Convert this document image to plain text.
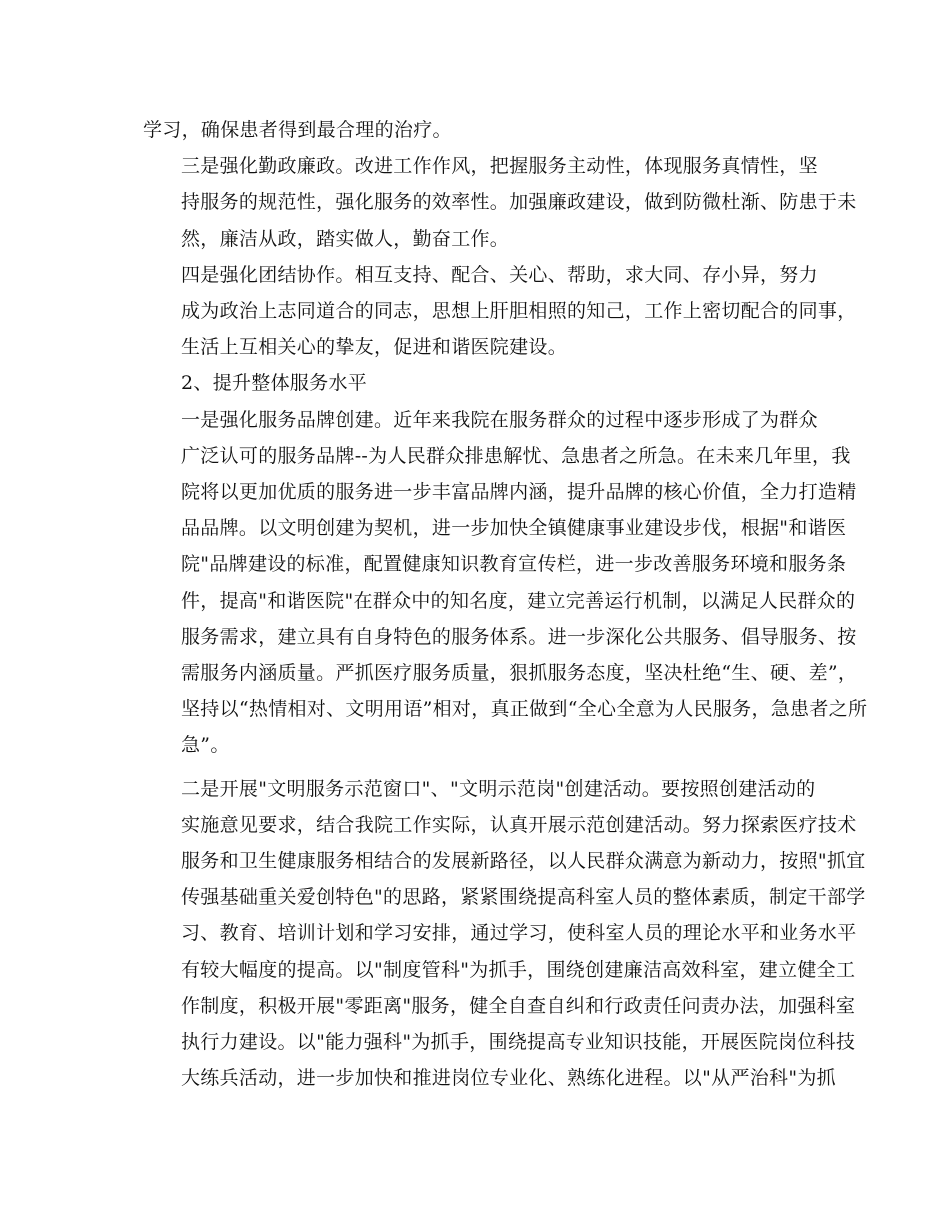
学习，确保患者得到最合理的治疗。

三是强化勤政廉政。改进工作作风，把握服务主动性，体现服务真情性，坚
持服务的规范性，强化服务的效率性。加强廉政建设，做到防微杜渐、防患于未
然，廉洁从政，踏实做人，勤奋工作。

四是强化团结协作。相互支持、配合、关心、帮助，求大同、存小异，努力
成为政治上志同道合的同志，思想上肝胆相照的知己，工作上密切配合的同事，
生活上互相关心的挚友，促进和谐医院建设。

2、提升整体服务水平

一是强化服务品牌创建。近年来我院在服务群众的过程中逐步形成了为群众
广泛认可的服务品牌--为人民群众排患解忧、急患者之所急。在未来几年里，我
院将以更加优质的服务进一步丰富品牌内涵，提升品牌的核心价值，全力打造精
品品牌。以文明创建为契机，进一步加快全镇健康事业建设步伐，根据"和谐医
院"品牌建设的标准，配置健康知识教育宣传栏，进一步改善服务环境和服务条
件，提高"和谐医院"在群众中的知名度，建立完善运行机制，以满足人民群众的
服务需求，建立具有自身特色的服务体系。进一步深化公共服务、倡导服务、按
需服务内涵质量。严抓医疗服务质量，狠抓服务态度，坚决杜绝“生、硬、差”，
坚持以“热情相对、文明用语”相对，真正做到“全心全意为人民服务，急患者之所
急”。

二是开展"文明服务示范窗口"、"文明示范岗"创建活动。要按照创建活动的
实施意见要求，结合我院工作实际，认真开展示范创建活动。努力探索医疗技术
服务和卫生健康服务相结合的发展新路径，以人民群众满意为新动力，按照"抓宜
传强基础重关爱创特色"的思路，紧紧围绕提高科室人员的整体素质，制定干部学
习、教育、培训计划和学习安排，通过学习，使科室人员的理论水平和业务水平
有较大幅度的提高。以"制度管科"为抓手，围绕创建廉洁高效科室，建立健全工
作制度，积极开展"零距离"服务，健全自查自纠和行政责任问责办法，加强科室
执行力建设。以"能力强科"为抓手，围绕提高专业知识技能，开展医院岗位科技
大练兵活动，进一步加快和推进岗位专业化、熟练化进程。以"从严治科"为抓
